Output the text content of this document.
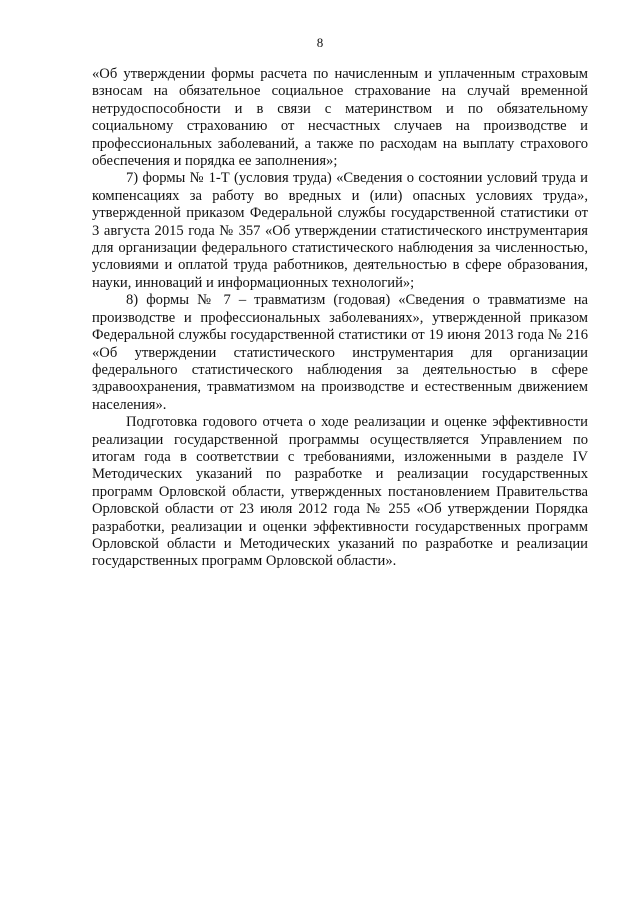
8

«Об утверждении формы расчета по начисленным и уплаченным страховым взносам на обязательное социальное страхование на случай временной нетрудоспособности и в связи с материнством и по обязательному социальному страхованию от несчастных случаев на производстве и профессиональных заболеваний, а также по расходам на выплату страхового обеспечения и порядка ее заполнения»;

7) формы № 1-Т (условия труда) «Сведения о состоянии условий труда и компенсациях за работу во вредных и (или) опасных условиях труда», утвержденной приказом Федеральной службы государственной статистики от 3 августа 2015 года № 357 «Об утверждении статистического инструментария для организации федерального статистического наблюдения за численностью, условиями и оплатой труда работников, деятельностью в сфере образования, науки, инноваций и информационных технологий»;

8) формы № 7 – травматизм (годовая) «Сведения о травматизме на производстве и профессиональных заболеваниях», утвержденной приказом Федеральной службы государственной статистики от 19 июня 2013 года № 216 «Об утверждении статистического инструментария для организации федерального статистического наблюдения за деятельностью в сфере здравоохранения, травматизмом на производстве и естественным движением населения».

Подготовка годового отчета о ходе реализации и оценке эффективности реализации государственной программы осуществляется Управлением по итогам года в соответствии с требованиями, изложенными в разделе IV Методических указаний по разработке и реализации государственных программ Орловской области, утвержденных постановлением Правительства Орловской области от 23 июля 2012 года № 255 «Об утверждении Порядка разработки, реализации и оценки эффективности государственных программ Орловской области и Методических указаний по разработке и реализации государственных программ Орловской области».
